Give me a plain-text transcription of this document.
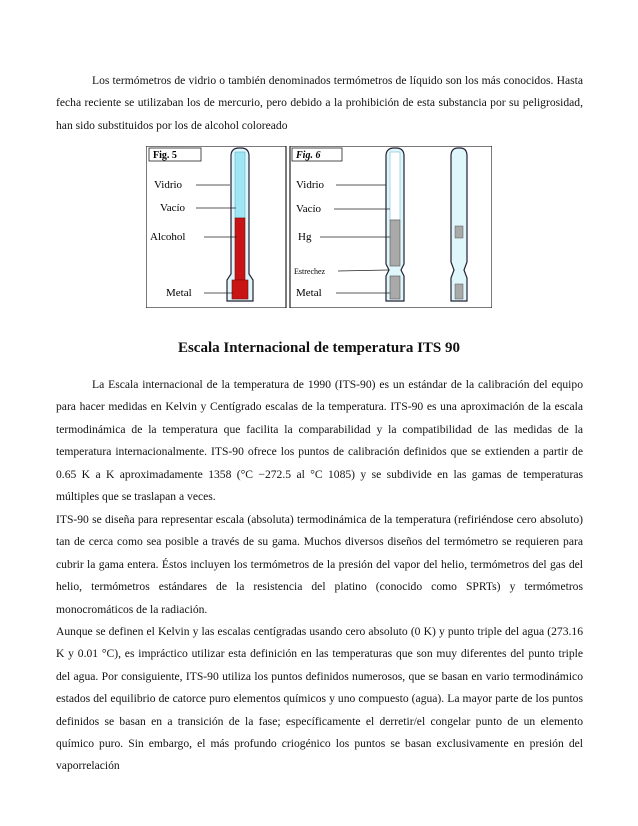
Los termómetros de vidrio o también denominados termómetros de líquido son los más conocidos. Hasta fecha reciente se utilizaban los de mercurio, pero debido a la prohibición de esta substancia por su peligrosidad, han sido substituidos por los de alcohol coloreado

Fig. 5
Vidrio
Vacío
Alcohol
Metal
Fig. 6
Vidrio
Vacío
Hg
Estrechez
Metal
Escala Internacional de temperatura ITS 90

La Escala internacional de la temperatura de 1990 (ITS-90) es un estándar de la calibración del equipo para hacer medidas en Kelvin y Centígrado escalas de la temperatura. ITS-90 es una aproximación de la escala termodinámica de la temperatura que facilita la comparabilidad y la compatibilidad de las medidas de la temperatura internacionalmente. ITS-90 ofrece los puntos de calibración definidos que se extienden a partir de 0.65 K a K aproximadamente 1358 (°C −272.5 al °C 1085) y se subdivide en las gamas de temperaturas múltiples que se traslapan a veces.

ITS-90 se diseña para representar escala (absoluta) termodinámica de la temperatura (refiriéndose cero absoluto) tan de cerca como sea posible a través de su gama. Muchos diversos diseños del termómetro se requieren para cubrir la gama entera. Éstos incluyen los termómetros de la presión del vapor del helio, termómetros del gas del helio, termómetros estándares de la resistencia del platino (conocido como SPRTs) y termómetros monocromáticos de la radiación.

Aunque se definen el Kelvin y las escalas centígradas usando cero absoluto (0 K) y punto triple del agua (273.16 K y 0.01 °C), es impráctico utilizar esta definición en las temperaturas que son muy diferentes del punto triple del agua. Por consiguiente, ITS-90 utiliza los puntos definidos numerosos, que se basan en vario termodinámico estados del equilibrio de catorce puro elementos químicos y uno compuesto (agua). La mayor parte de los puntos definidos se basan en a transición de la fase; específicamente el derretir/el congelar punto de un elemento químico puro. Sin embargo, el más profundo criogénico los puntos se basan exclusivamente en presión del vaporrelación
